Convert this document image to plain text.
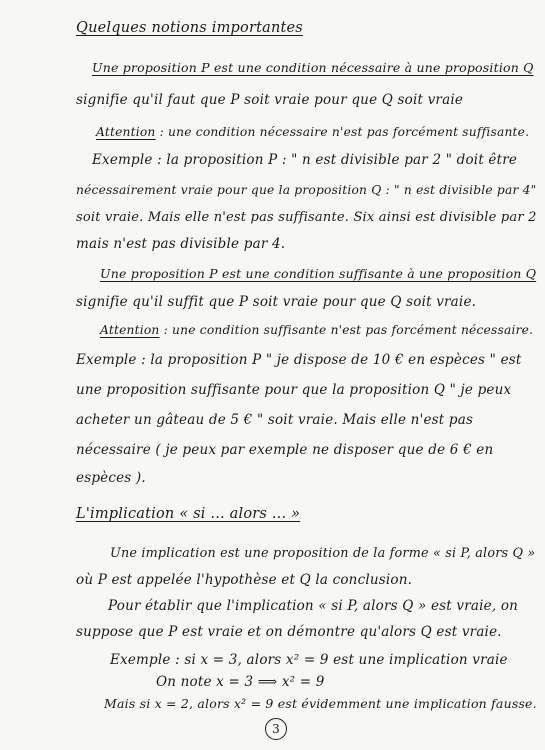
Quelques notions importantes
Une proposition P est une condition nécessaire à une proposition Q
signifie qu'il faut que P soit vraie pour que Q soit vraie
Attention : une condition nécessaire n'est pas forcément suffisante.
Exemple : la proposition P : " n est divisible par 2 " doit être
nécessairement vraie pour que la proposition Q : " n est divisible par 4"
soit vraie. Mais elle n'est pas suffisante. Six ainsi est divisible par 2
mais n'est pas divisible par 4.
Une proposition P est une condition suffisante à une proposition Q
signifie qu'il suffit que P soit vraie pour que Q soit vraie.
Attention : une condition suffisante n'est pas forcément nécessaire.
Exemple : la proposition P " je dispose de 10 € en espèces " est
une proposition suffisante pour que la proposition Q " je peux
acheter un gâteau de 5 € " soit vraie. Mais elle n'est pas
nécessaire ( je peux par exemple ne disposer que de 6 € en
espèces ).
L'implication « si ... alors ... »
Une implication est une proposition de la forme « si P, alors Q »
où P est appelée l'hypothèse et Q la conclusion.
Pour établir que l'implication « si P, alors Q » est vraie, on
suppose que P est vraie et on démontre qu'alors Q est vraie.
Exemple : si x = 3, alors x² = 9 est une implication vraie
On note x = 3 ⟹ x² = 9
Mais si x = 2, alors x² = 9 est évidemment une implication fausse.
3
